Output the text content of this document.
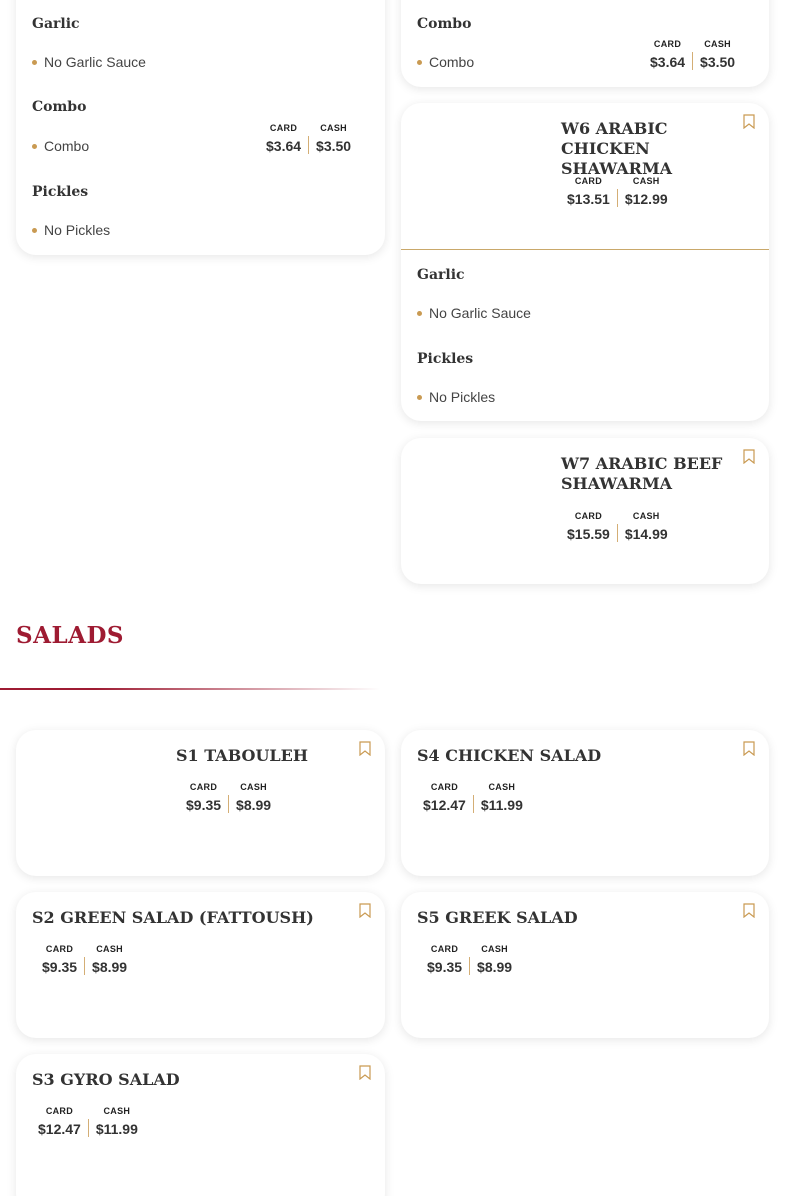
Garlic
No Garlic Sauce
Combo
Combo
CARD
$3.64
CASH
$3.50
Pickles
No Pickles
Combo
Combo
CARD
$3.64
CASH
$3.50
W6 ARABIC CHICKEN SHAWARMA
CARD
$13.51
CASH
$12.99
Garlic
No Garlic Sauce
Pickles
No Pickles
W7 ARABIC BEEF SHAWARMA
CARD
$15.59
CASH
$14.99
SALADS
S1 TABOULEH
CARD
$9.35
CASH
$8.99
S4 CHICKEN SALAD
CARD
$12.47
CASH
$11.99
S2 GREEN SALAD (FATTOUSH)
CARD
$9.35
CASH
$8.99
S5 GREEK SALAD
CARD
$9.35
CASH
$8.99
S3 GYRO SALAD
CARD
$12.47
CASH
$11.99
